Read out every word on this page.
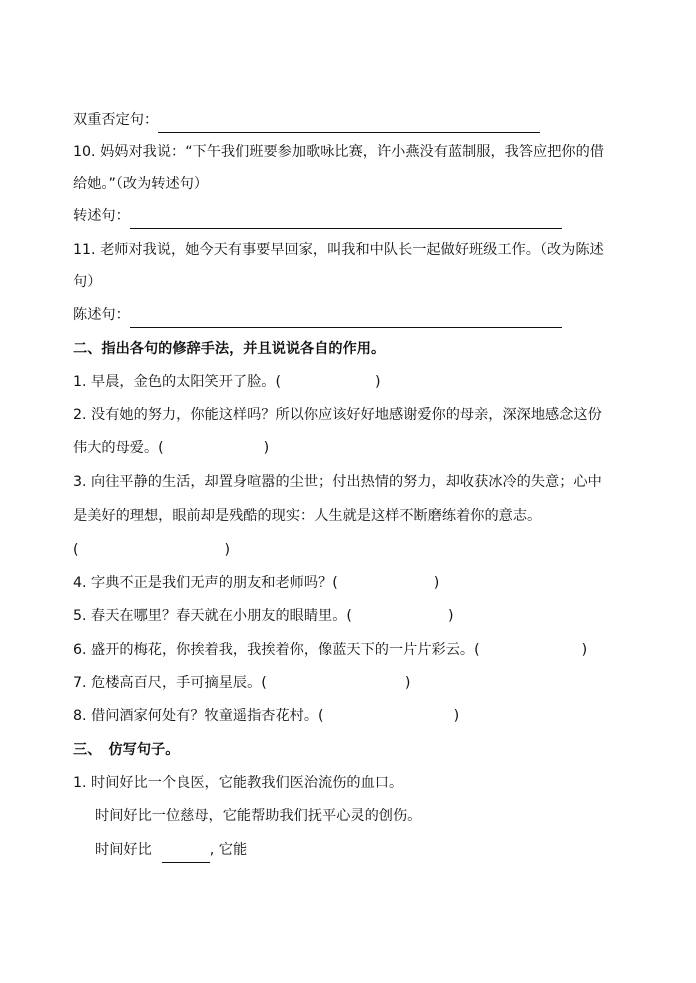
双重否定句：
10. 妈妈对我说：“下午我们班要参加歌咏比赛，许小燕没有蓝制服，我答应把你的借
给她。”（改为转述句）
转述句：
11. 老师对我说，她今天有事要早回家，叫我和中队长一起做好班级工作。（改为陈述
句）
陈述句：
二、指出各句的修辞手法，并且说说各自的作用。
1. 早晨，金色的太阳笑开了脸。(	)
2. 没有她的努力，你能这样吗？所以你应该好好地感谢爱你的母亲，深深地感念这份
伟大的母爱。(	)
3. 向往平静的生活，却置身喧嚣的尘世；付出热情的努力，却收获冰冷的失意；心中
是美好的理想，眼前却是残酷的现实：人生就是这样不断磨练着你的意志。
(	)
4. 字典不正是我们无声的朋友和老师吗？(	)
5. 春天在哪里？春天就在小朋友的眼睛里。(	)
6. 盛开的梅花，你挨着我，我挨着你，像蓝天下的一片片彩云。(	)
7. 危楼高百尺，手可摘星辰。(	)
8. 借问酒家何处有？牧童遥指杏花村。(	)
三、　仿写句子。
1. 时间好比一个良医，它能教我们医治流伤的血口。
时间好比一位慈母，它能帮助我们抚平心灵的创伤。
时间好比	, 它能
